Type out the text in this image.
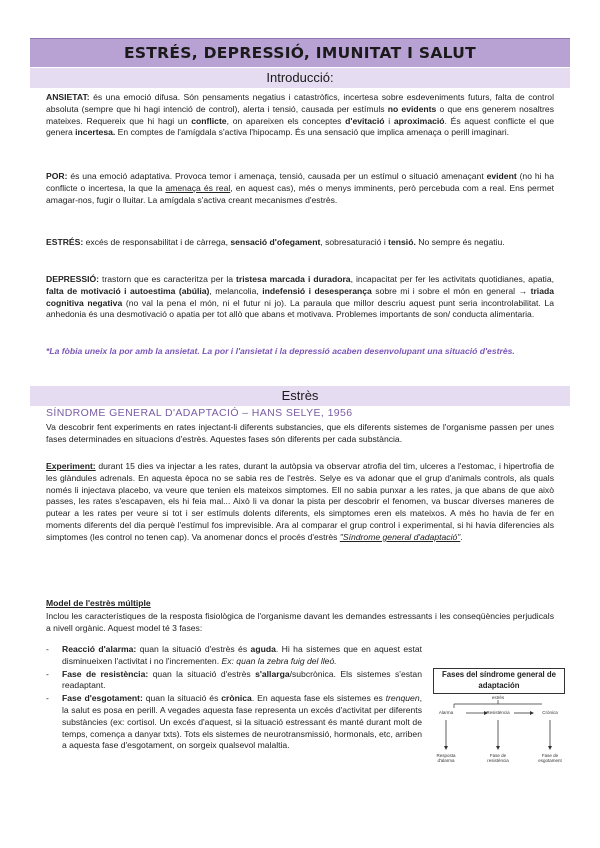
ESTRÉS, DEPRESSIÓ, IMUNITAT I SALUT
Introducció:

ANSIETAT: és una emoció difusa. Són pensaments negatius i catastròfics, incertesa sobre esdeveniments futurs, falta de control absoluta (sempre que hi hagi intenció de control), alerta i tensió, causada per estímuls no evidents o que ens generem nosaltres mateixes. Requereix que hi hagi un conflicte, on apareixen els conceptes d'evitació i aproximació. És aquest conflicte el que genera incertesa. En comptes de l'amígdala s'activa l'hipocamp. És una sensació que implica amenaça o perill imaginari.

POR: és una emoció adaptativa. Provoca temor i amenaça, tensió, causada per un estímul o situació amenaçant evident (no hi ha conflicte o incertesa, la que la amenaça és real, en aquest cas), més o menys imminents, però percebuda com a real. Ens permet amagar-nos, fugir o lluitar. La amígdala s'activa creant mecanismes d'estrès.

ESTRÉS: excés de responsabilitat i de càrrega, sensació d'ofegament, sobresaturació i tensió. No sempre és negatiu.

DEPRESSIÓ: trastorn que es caracteritza per la tristesa marcada i duradora, incapacitat per fer les activitats quotidianes, apatia, falta de motivació i autoestima (abúlia), melancolia, indefensió i desesperança sobre mi i sobre el món en general → triada cognitiva negativa (no val la pena el món, ni el futur ni jo). La paraula que millor descriu aquest punt seria incontrolabilitat. La anhedonia és una desmotivació o apatia per tot allò que abans et motivava. Problemes importants de son/ conducta alimentaria.

*La fòbia uneix la por amb la ansietat. La por i l'ansietat i la depressió acaben desenvolupant una situació d'estrès.

Estrès
SÍNDROME GENERAL D'ADAPTACIÓ – HANS SELYE, 1956

Va descobrir fent experiments en rates injectant-li diferents substancies, que els diferents sistemes de l'organisme passen per unes fases determinades en situacions d'estrès. Aquestes fases són diferents per cada substància.

Experiment: durant 15 dies va injectar a les rates, durant la autòpsia va observar atrofia del tim, ulceres a l'estomac, i hipertrofia de les glàndules adrenals. En aquesta època no se sabia res de l'estrès. Selye es va adonar que el grup d'animals controls, als quals només li injectava placebo, va veure que tenien els mateixos simptomes. Ell no sabia punxar a les rates, ja que abans de que això passes, les rates s'escapaven, els hi feia mal... Això li va donar la pista per descobrir el fenomen, va buscar diverses maneres de putear a les rates per veure si tot i ser estímuls dolents diferents, els simptomes eren els mateixos. A més ho havia de fer en moments diferents del dia perquè l'estímul fos imprevisible. Ara al comparar el grup control i experimental, si hi havia diferencies als simptomes (les control no tenen cap). Va anomenar doncs el procés d'estrès "Síndrome general d'adaptació".

Model de l'estrès múltiple

Inclou les característiques de la resposta fisiològica de l'organisme davant les demandes estressants i les conseqüències perjudicals a nivell orgànic. Aquest model té 3 fases:

- Reacció d'alarma: quan la situació d'estrès és aguda. Hi ha sistemes que en aquest estat disminueixen l'activitat i no l'incrementen. Ex: quan la zebra fuig del lleó.
- Fase de resistència: quan la situació d'estrès s'allarga/subcrònica. Els sistemes s'estan readaptant.
- Fase d'esgotament: quan la situació és crònica. En aquesta fase els sistemes es trenquen, la salut es posa en perill. A vegades aquesta fase representa un excés d'activitat per diferents substàncies (ex: cortisol. Un excés d'aquest, si la situació estressant és manté durant molt de temps, comença a danyar txts). Tots els sistemes de neurotransmissió, hormonals, etc, arriben a aquesta fase d'esgotament, on sorgeix qualsevol malaltia.
Fases del síndrome general de adaptación
estrès
Alarma	Resistència	Crònica
Resposta d'alarma
Fase de resistència
Fase de esgotament
